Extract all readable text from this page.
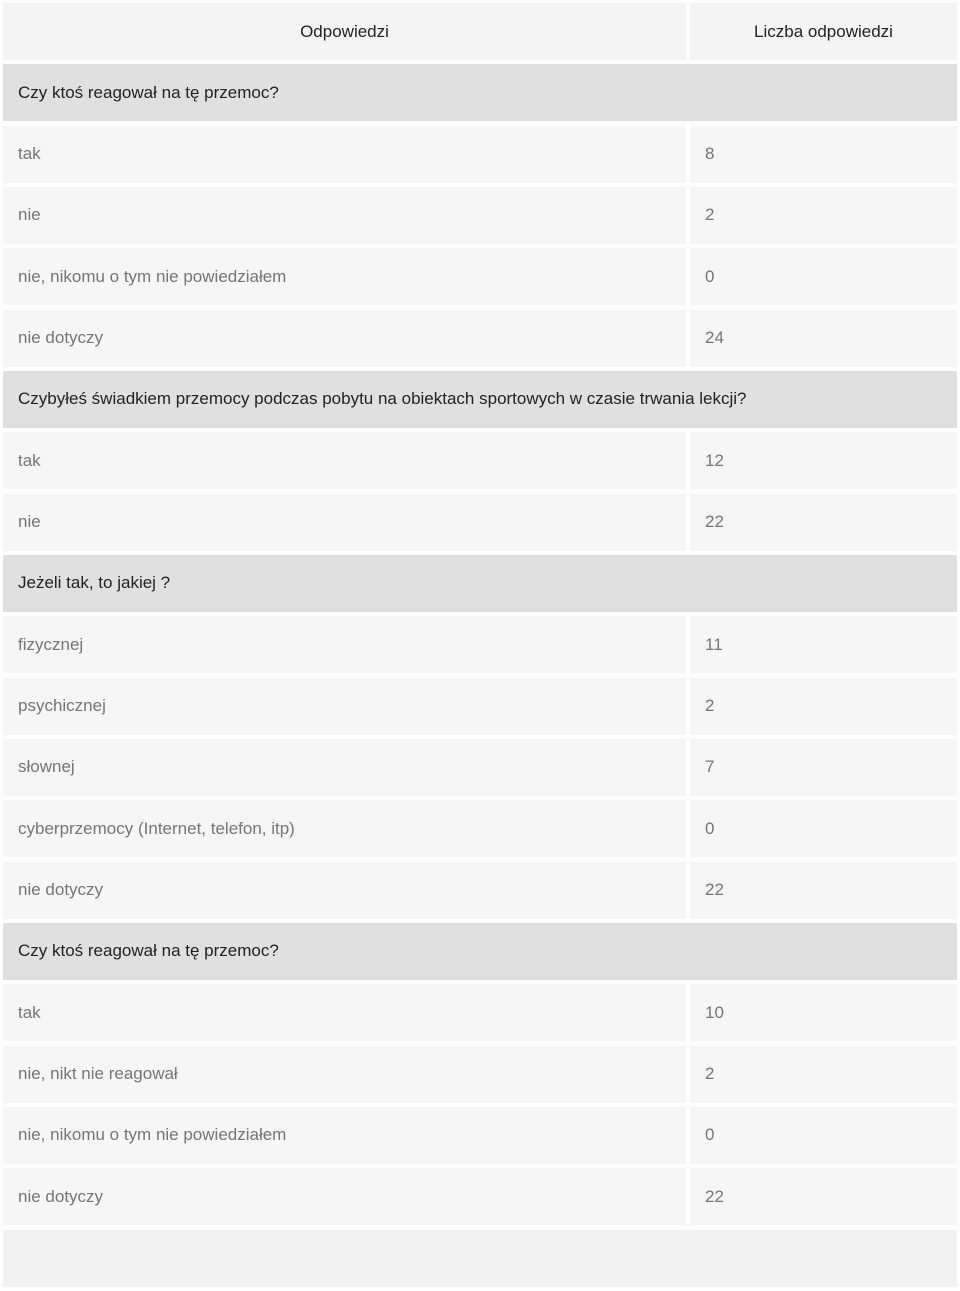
Odpowiedzi	Liczba odpowiedzi
Czy ktoś reagował na tę przemoc?
tak	8
nie	2
nie, nikomu o tym nie powiedziałem	0
nie dotyczy	24
Czybyłeś świadkiem przemocy podczas pobytu na obiektach sportowych w czasie trwania lekcji?
tak	12
nie	22
Jeżeli tak, to jakiej ?
fizycznej	11
psychicznej	2
słownej	7
cyberprzemocy (Internet, telefon, itp)	0
nie dotyczy	22
Czy ktoś reagował na tę przemoc?
tak	10
nie, nikt nie reagował	2
nie, nikomu o tym nie powiedziałem	0
nie dotyczy	22
